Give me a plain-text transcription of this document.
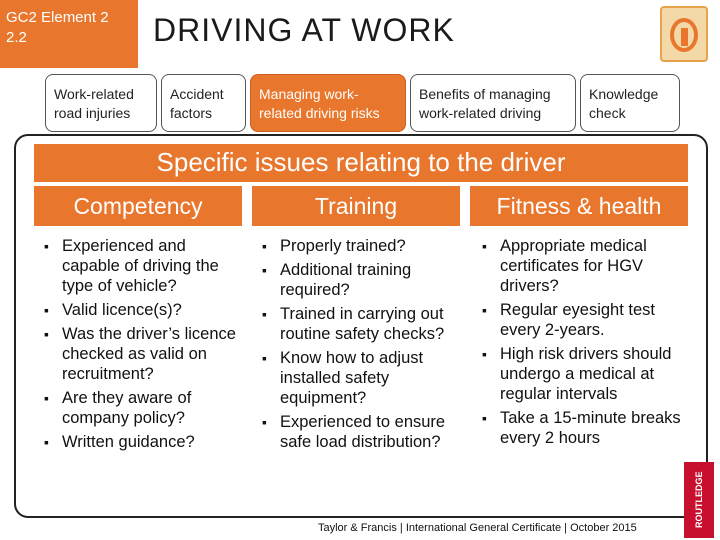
GC2 Element 2
2.2	DRIVING AT WORK
Work-related
road injuries
Accident
factors
Managing work-
related driving risks
Benefits of managing
work-related driving
Knowledge
check
Specific issues relating to the driver
Competency	Training	Fitness & health
▪ Experienced and capable of driving the type of vehicle?
▪ Valid licence(s)?
▪ Was the driver’s licence checked as valid on recruitment?
▪ Are they aware of company policy?
▪ Written guidance?
▪ Properly trained?
▪ Additional training required?
▪ Trained in carrying out routine safety checks?
▪ Know how to adjust installed safety equipment?
▪ Experienced to ensure safe load distribution?
▪ Appropriate medical certificates for HGV drivers?
▪ Regular eyesight test every 2-years.
▪ High risk drivers should undergo a medical at regular intervals
▪ Take a 15-minute breaks every 2 hours
Taylor & Francis | International General Certificate | October 2015	ROUTLEDGE
